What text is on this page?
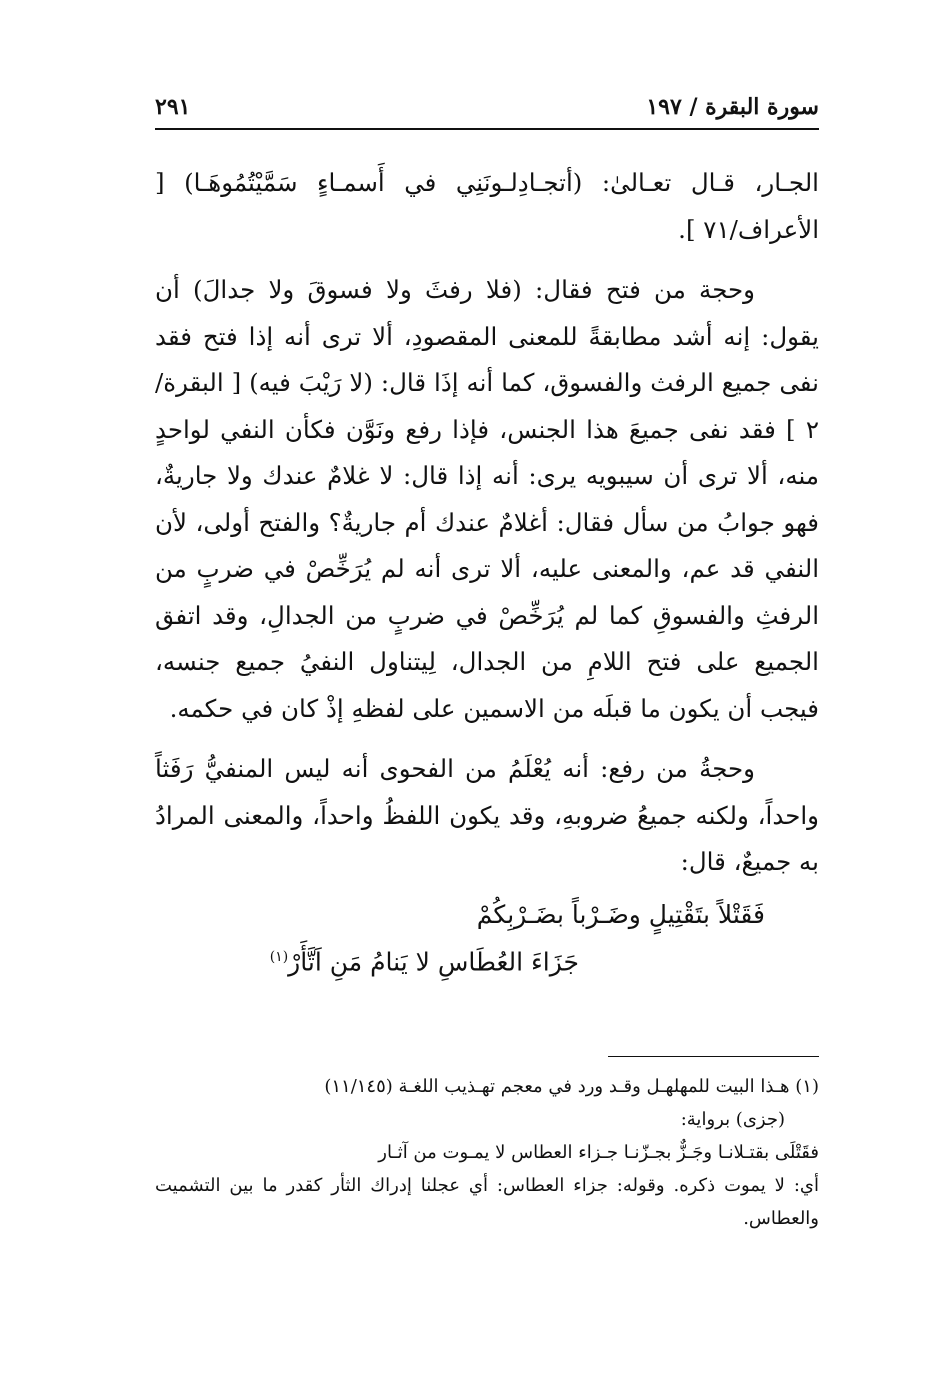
سورة البقرة / ١٩٧
٢٩١

الجـار، قـال تعـالىٰ: (أتجـادِلـونَنِي في أَسمـاءٍ سَمَّيْتُمُوهَـا) [ الأعراف/٧١ ].

وحجة من فتح فقال: (فلا رفثَ ولا فسوقَ ولا جدالَ) أن يقول: إنه أشد مطابقةً للمعنى المقصودِ، ألا ترى أنه إذا فتح فقد نفى جميع الرفث والفسوق، كما أنه إذَا قال: (لا رَيْبَ فيه) [ البقرة/٢ ] فقد نفى جميعَ هذا الجنس، فإذا رفع ونَوَّن فكأن النفي لواحدٍ منه، ألا ترى أن سيبويه يرى: أنه إذا قال: لا غلامٌ عندك ولا جاريةٌ، فهو جوابُ من سأل فقال: أغلامٌ عندك أم جاريةٌ؟ والفتح أولى، لأن النفي قد عم، والمعنى عليه، ألا ترى أنه لم يُرَخِّصْ في ضربٍ من الرفثِ والفسوقِ كما لم يُرَخِّصْ في ضربٍ من الجدالِ، وقد اتفق الجميع على فتح اللامِ من الجدال، لِيتناول النفيُ جميع جنسه، فيجب أن يكون ما قبلَه من الاسمين على لفظهِ إذْ كان في حكمه.

وحجةُ من رفع: أنه يُعْلَمُ من الفحوى أنه ليس المنفيُّ رَفَثاً واحداً، ولكنه جميعُ ضروبهِ، وقد يكون اللفظُ واحداً، والمعنى المرادُ به جميعٌ، قال:

فَقَتْلاً بتَقْتِيلٍ وضَـرْباً بضَـرْبِكُمْ
جَزَاءَ العُطَاسِ لا يَنامُ مَنِ اَتَّأَرْ$^{(١)}$

(١) هـذا البيت للمهلهـل وقـد ورد في معجم تهـذيب اللغـة (١١/١٤٥)

(جزى) برواية:

فقَتْلَى بقتـلانـا وجَـزٌّ بجـزّنـا جـزاء العطاس لا يمـوت من آثـار

أي: لا يموت ذكره. وقوله: جزاء العطاس: أي عجلنا إدراك الثأر كقدر ما بين التشميت والعطاس.
